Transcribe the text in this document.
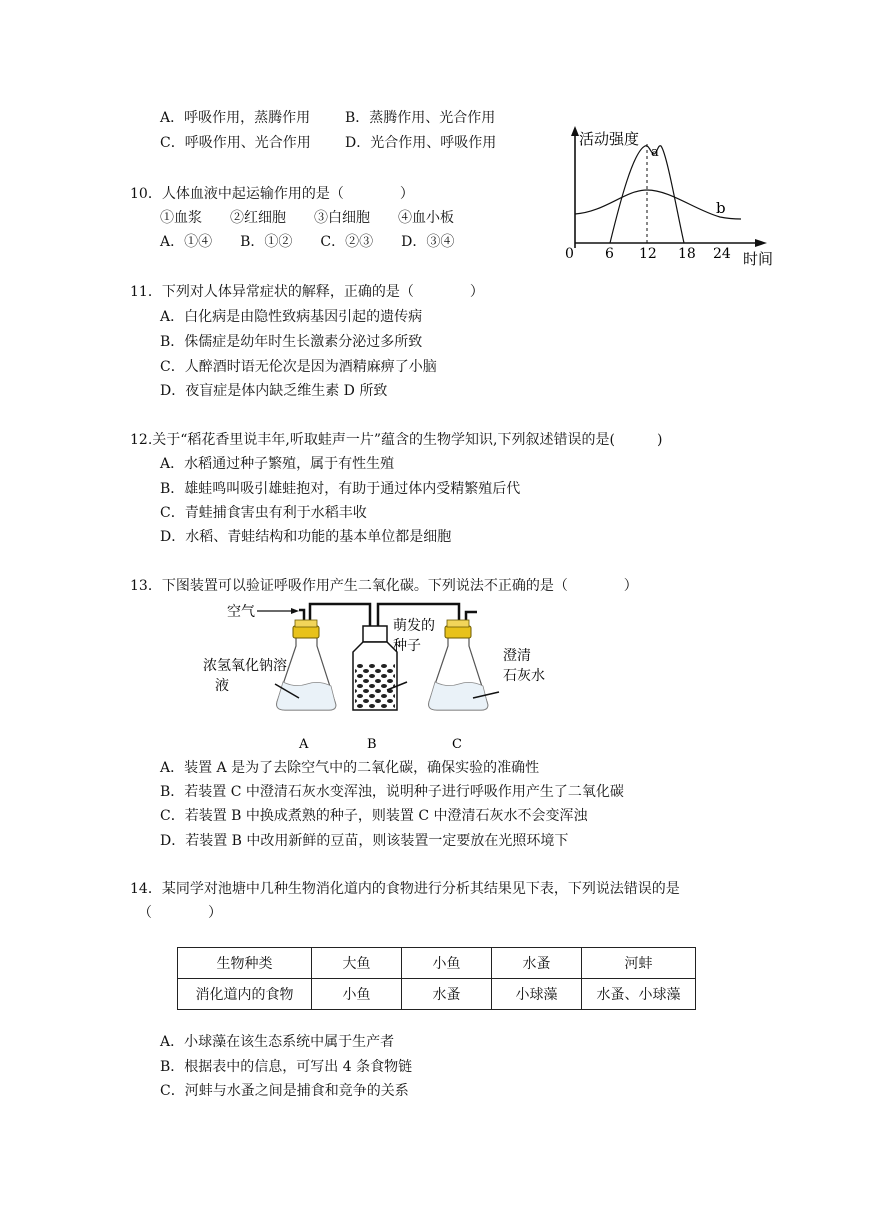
A．呼吸作用，蒸腾作用 B．蒸腾作用、光合作用
C．呼吸作用、光合作用 D．光合作用、呼吸作用	活动强度
a
b
0 6 12 18 24 时间
10．人体血液中起运输作用的是（　　　　）
①血浆　　②红细胞　　③白细胞　　④血小板
A．①④　　B．①②　　C．②③　　D．③④
11．下列对人体异常症状的解释，正确的是（　　　　）
A．白化病是由隐性致病基因引起的遗传病
B．侏儒症是幼年时生长激素分泌过多所致
C．人醉酒时语无伦次是因为酒精麻痹了小脑
D．夜盲症是体内缺乏维生素 D 所致
12.关于“稻花香里说丰年,听取蛙声一片”蕴含的生物学知识,下列叙述错误的是(　　　)
A．水稻通过种子繁殖，属于有性生殖
B．雄蛙鸣叫吸引雄蛙抱对，有助于通过体内受精繁殖后代
C．青蛙捕食害虫有利于水稻丰收
D．水稻、青蛙结构和功能的基本单位都是细胞
13．下图装置可以验证呼吸作用产生二氧化碳。下列说法不正确的是（　　　　）
空气
萌发的
种子
澄清
石灰水
浓氢氧化钠溶
液
A	B	C
A．装置 A 是为了去除空气中的二氧化碳，确保实验的准确性
B．若装置 C 中澄清石灰水变浑浊，说明种子进行呼吸作用产生了二氧化碳
C．若装置 B 中换成煮熟的种子，则装置 C 中澄清石灰水不会变浑浊
D．若装置 B 中改用新鲜的豆苗，则该装置一定要放在光照环境下
14．某同学对池塘中几种生物消化道内的食物进行分析其结果见下表，下列说法错误的是
（　　　　）
生物种类	大鱼	小鱼	水蚤	河蚌
消化道内的食物	小鱼	水蚤	小球藻	水蚤、小球藻
A．小球藻在该生态系统中属于生产者
B．根据表中的信息，可写出 4 条食物链
C．河蚌与水蚤之间是捕食和竞争的关系
